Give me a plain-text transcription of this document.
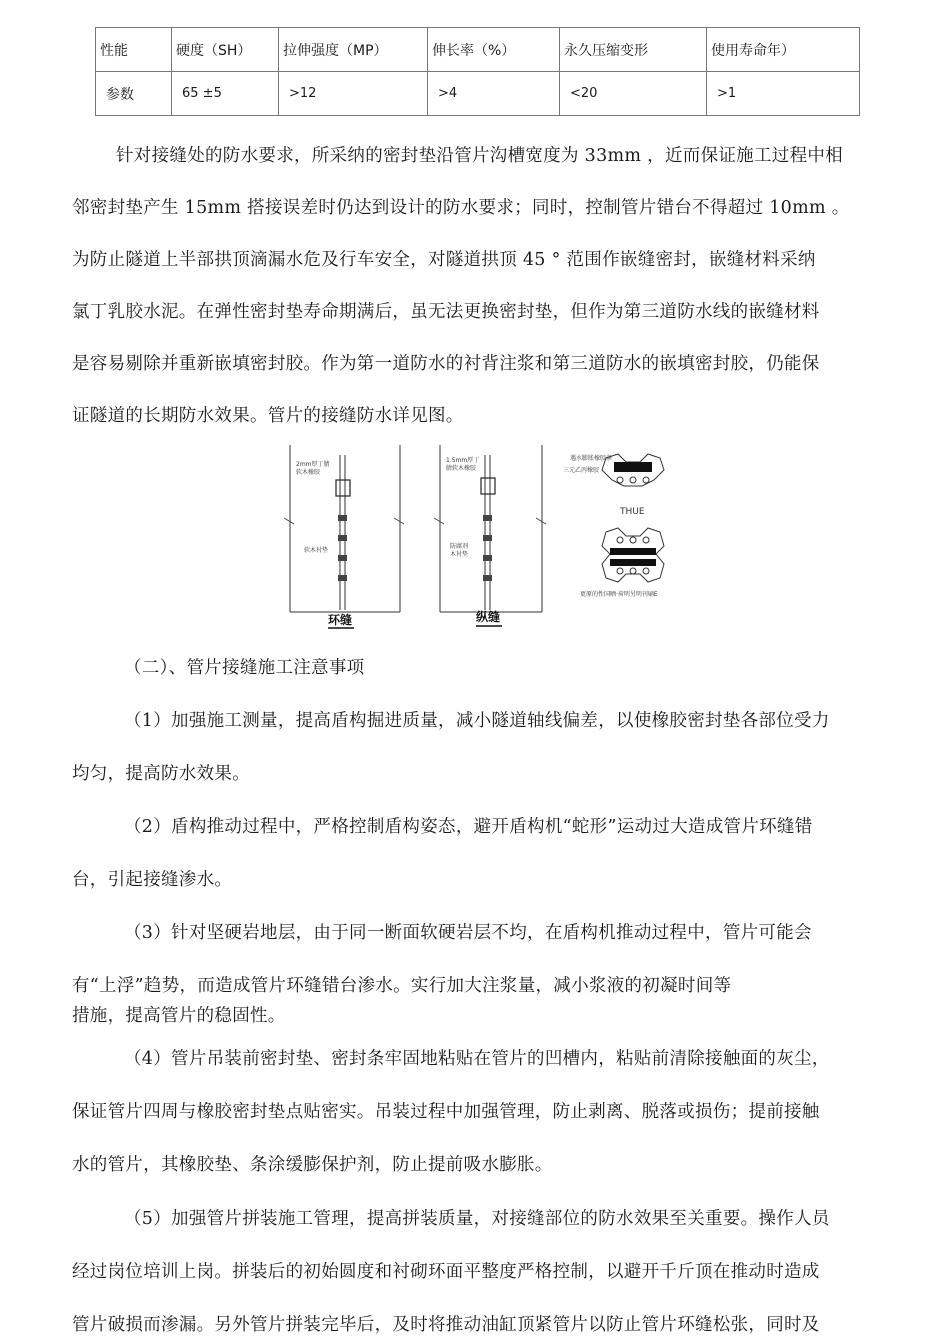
性能	硬度（SH）	拉伸强度（MP）	伸长率（%）	永久压缩变形	使用寿命年）
参数	65 ±5	>12	>4	<20	>1
针对接缝处的防水要求，所采纳的密封垫沿管片沟槽宽度为 33mm ，近而保证施工过程中相
邻密封垫产生 15mm 搭接误差时仍达到设计的防水要求；同时，控制管片错台不得超过 10mm 。
为防止隧道上半部拱顶滴漏水危及行车安全，对隧道拱顶 45 ° 范围作嵌缝密封，嵌缝材料采纳
氯丁乳胶水泥。在弹性密封垫寿命期满后，虽无法更换密封垫，但作为第三道防水线的嵌缝材料
是容易剔除并重新嵌填密封胶。作为第一道防水的衬背注浆和第三道防水的嵌填密封胶，仍能保
证隧道的长期防水效果。管片的接缝防水详见图。
2mm厚丁腈
软木橡胶
软木衬垫
环缝
1.5mm厚丁
腈软木橡胶
防腐剂
木衬垫
纵缝
遇水膨胀橡胶条
三元乙丙橡胶
THUE
更原的性国晒·荷明另明刊刷E
（二）、管片接缝施工注意事项
（1）加强施工测量，提高盾构掘进质量，减小隧道轴线偏差，以使橡胶密封垫各部位受力
均匀，提高防水效果。
（2）盾构推动过程中，严格控制盾构姿态，避开盾构机“蛇形”运动过大造成管片环缝错
台，引起接缝渗水。
（3）针对坚硬岩地层，由于同一断面软硬岩层不均，在盾构机推动过程中，管片可能会
有“上浮”趋势，而造成管片环缝错台渗水。实行加大注浆量，减小浆液的初凝时间等
措施，提高管片的稳固性。
（4）管片吊装前密封垫、密封条牢固地粘贴在管片的凹槽内，粘贴前清除接触面的灰尘，
保证管片四周与橡胶密封垫点贴密实。吊装过程中加强管理，防止剥离、脱落或损伤；提前接触
水的管片，其橡胶垫、条涂缓膨保护剂，防止提前吸水膨胀。
（5）加强管片拼装施工管理，提高拼装质量，对接缝部位的防水效果至关重要。操作人员
经过岗位培训上岗。拼装后的初始圆度和衬砌环面平整度严格控制，以避开千斤顶在推动时造成
管片破损而渗漏。另外管片拼装完毕后，及时将推动油缸顶紧管片以防止管片环缝松张，同时及
